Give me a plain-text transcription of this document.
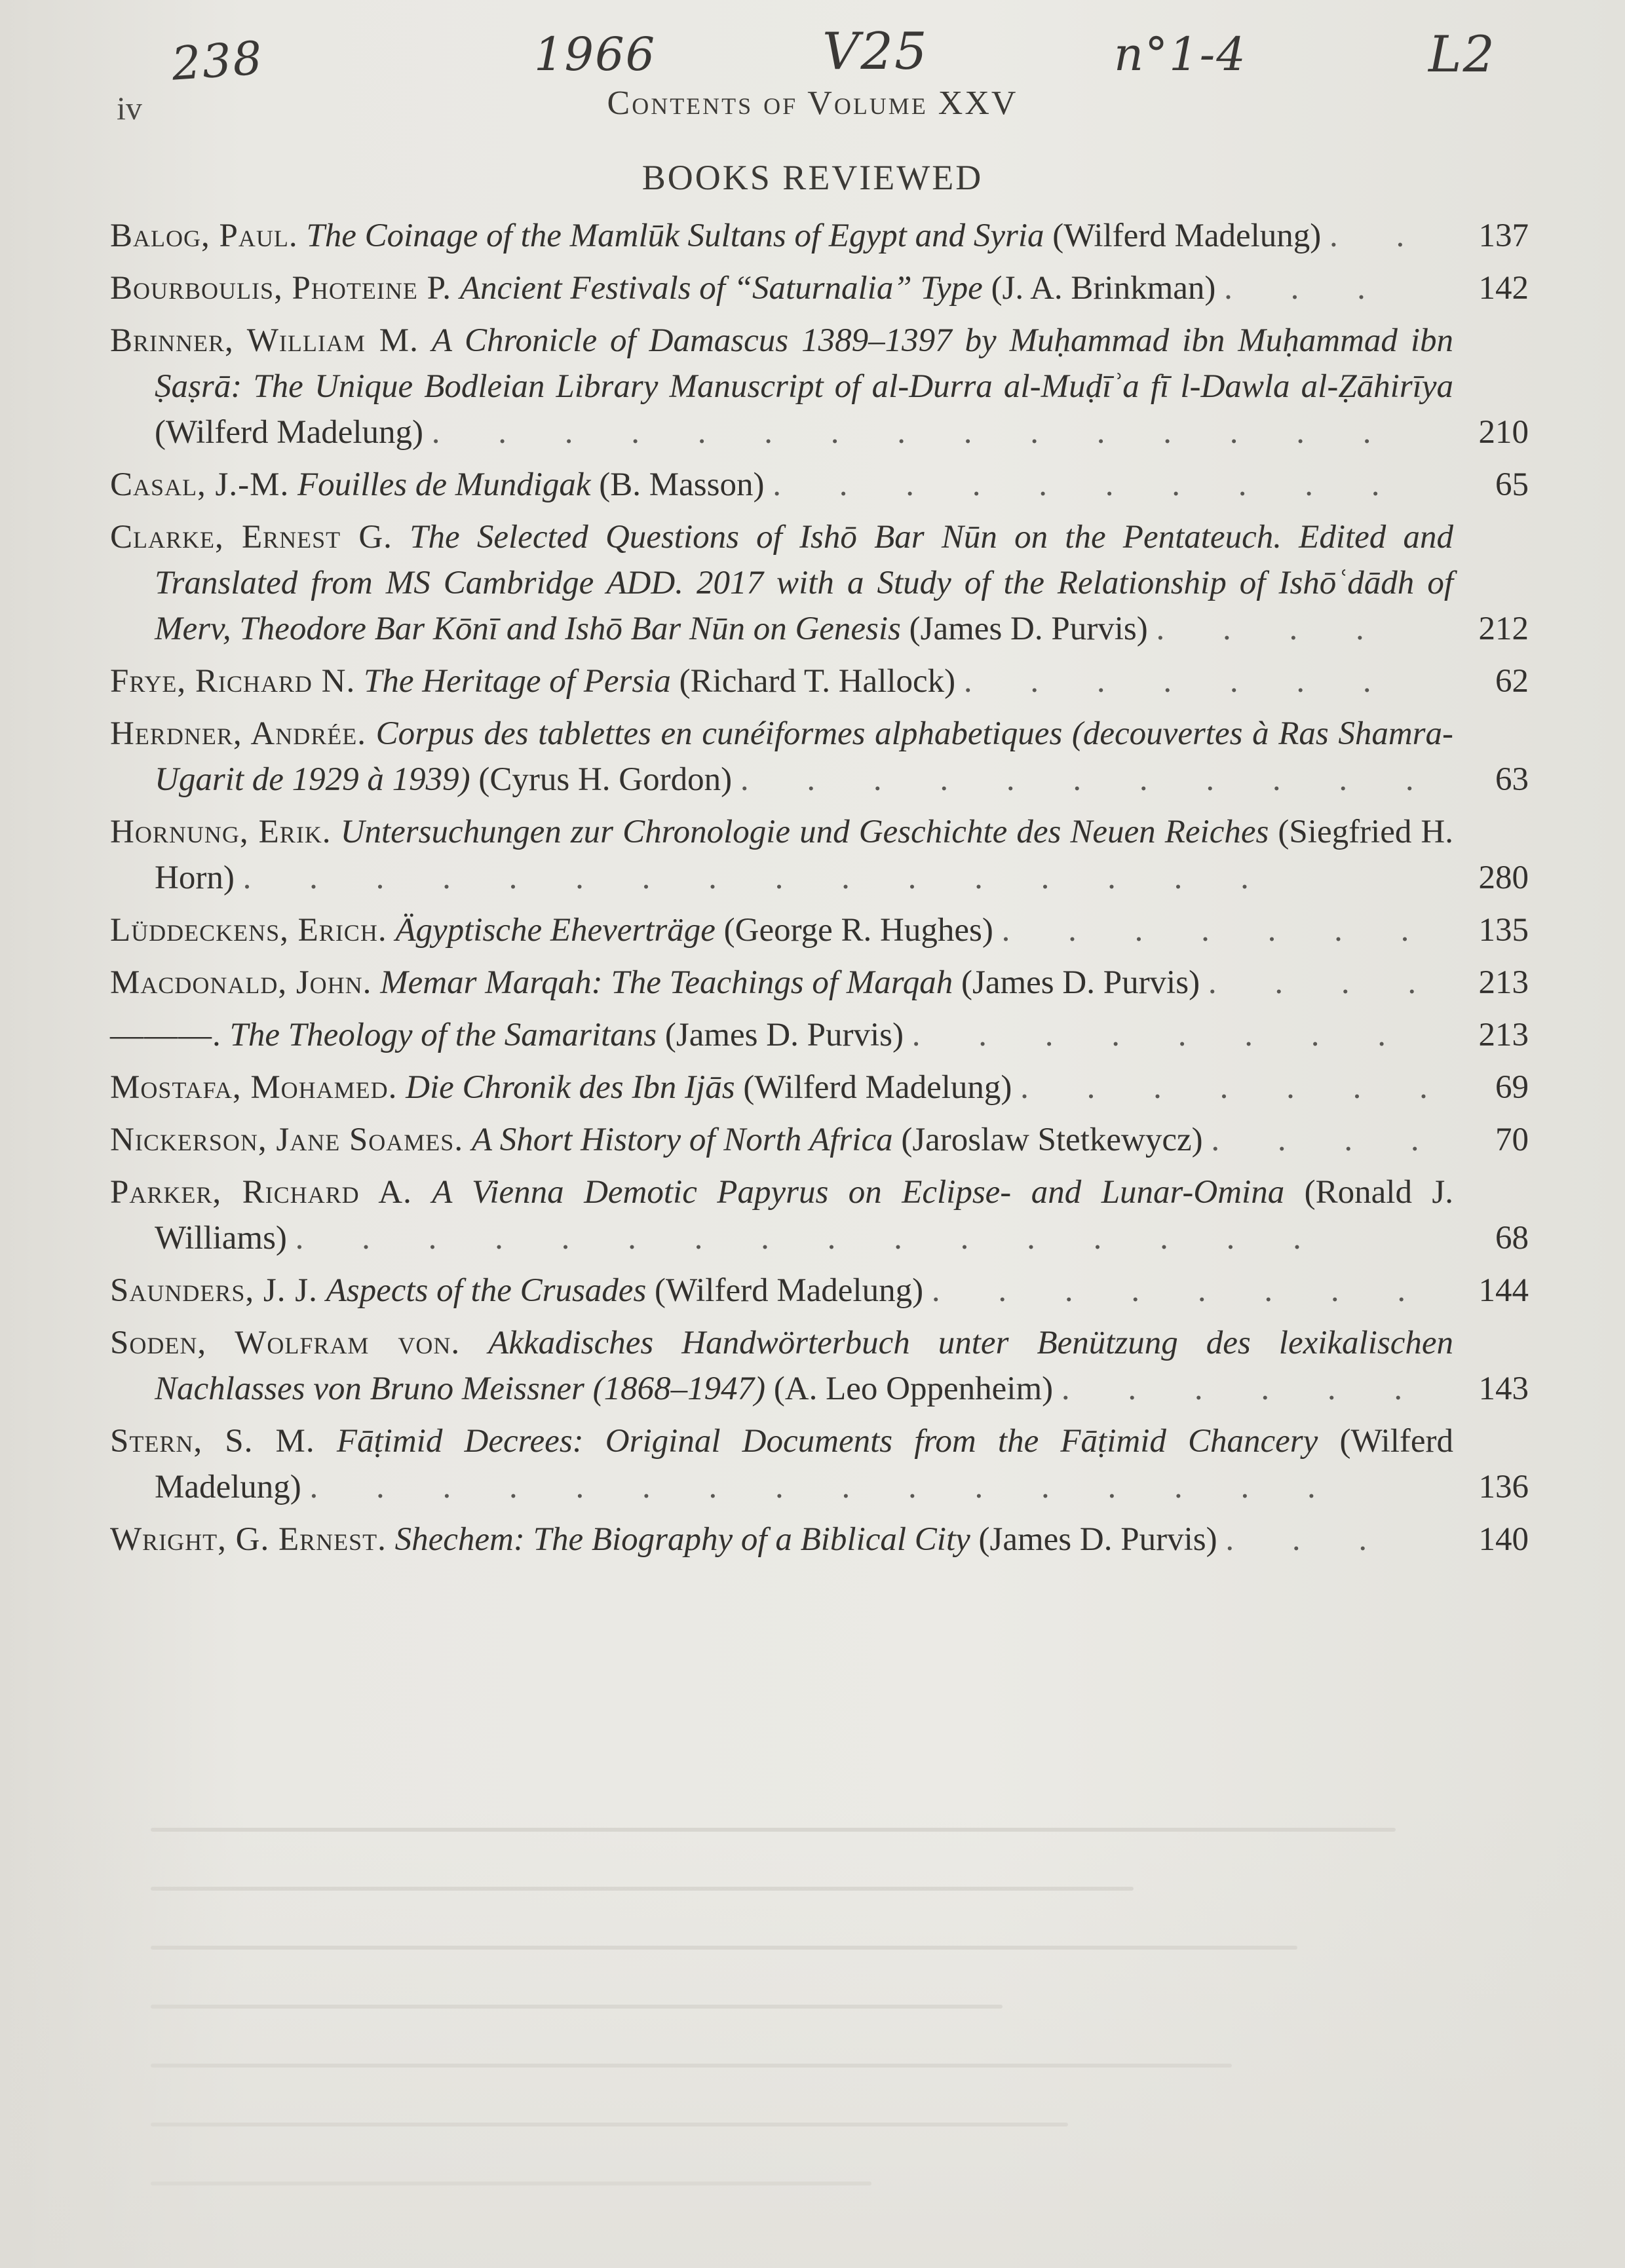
238	1966	V25	n°1-4	L2
iv	Contents of Volume XXV
BOOKS REVIEWED
Balog, Paul. The Coinage of the Mamlūk Sultans of Egypt and Syria (Wilferd Madelung) . .	137
Bourboulis, Photeine P. Ancient Festivals of “Saturnalia” Type (J. A. Brinkman) . . .	142
Brinner, William M. A Chronicle of Damascus 1389–1397 by Muḥammad ibn Muḥammad ibn Ṣaṣrā: The Unique Bodleian Library Manuscript of al-Durra al-Muḍīʾa fī l-Dawla al-Ẓāhirīya (Wilferd Madelung) . . . . . . . . . . . . . . .	210
Casal, J.-M. Fouilles de Mundigak (B. Masson) . . . . . . . . . .	65
Clarke, Ernest G. The Selected Questions of Ishō Bar Nūn on the Pentateuch. Edited and Translated from MS Cambridge ADD. 2017 with a Study of the Relationship of Ishōʿdādh of Merv, Theodore Bar Kōnī and Ishō Bar Nūn on Genesis (James D. Purvis) . . . .	212
Frye, Richard N. The Heritage of Persia (Richard T. Hallock) . . . . . . .	62
Herdner, Andrée. Corpus des tablettes en cunéiformes alphabetiques (decouvertes à Ras Shamra-Ugarit de 1929 à 1939) (Cyrus H. Gordon) . . . . . . . . . . .	63
Hornung, Erik. Untersuchungen zur Chronologie und Geschichte des Neuen Reiches (Siegfried H. Horn) . . . . . . . . . . . . . . . .	280
Lüddeckens, Erich. Ägyptische Eheverträge (George R. Hughes) . . . . . . .	135
Macdonald, John. Memar Marqah: The Teachings of Marqah (James D. Purvis) . . . .	213
———. The Theology of the Samaritans (James D. Purvis) . . . . . . . .	213
Mostafa, Mohamed. Die Chronik des Ibn Ijās (Wilferd Madelung) . . . . . . .	69
Nickerson, Jane Soames. A Short History of North Africa (Jaroslaw Stetkewycz) . . . .	70
Parker, Richard A. A Vienna Demotic Papyrus on Eclipse- and Lunar-Omina (Ronald J. Williams) . . . . . . . . . . . . . . . .	68
Saunders, J. J. Aspects of the Crusades (Wilferd Madelung) . . . . . . . .	144
Soden, Wolfram von. Akkadisches Handwörterbuch unter Benützung des lexikalischen Nachlasses von Bruno Meissner (1868–1947) (A. Leo Oppenheim) . . . . . .	143
Stern, S. M. Fāṭimid Decrees: Original Documents from the Fāṭimid Chancery (Wilferd Madelung) . . . . . . . . . . . . . . . .	136
Wright, G. Ernest. Shechem: The Biography of a Biblical City (James D. Purvis) . . .	140
